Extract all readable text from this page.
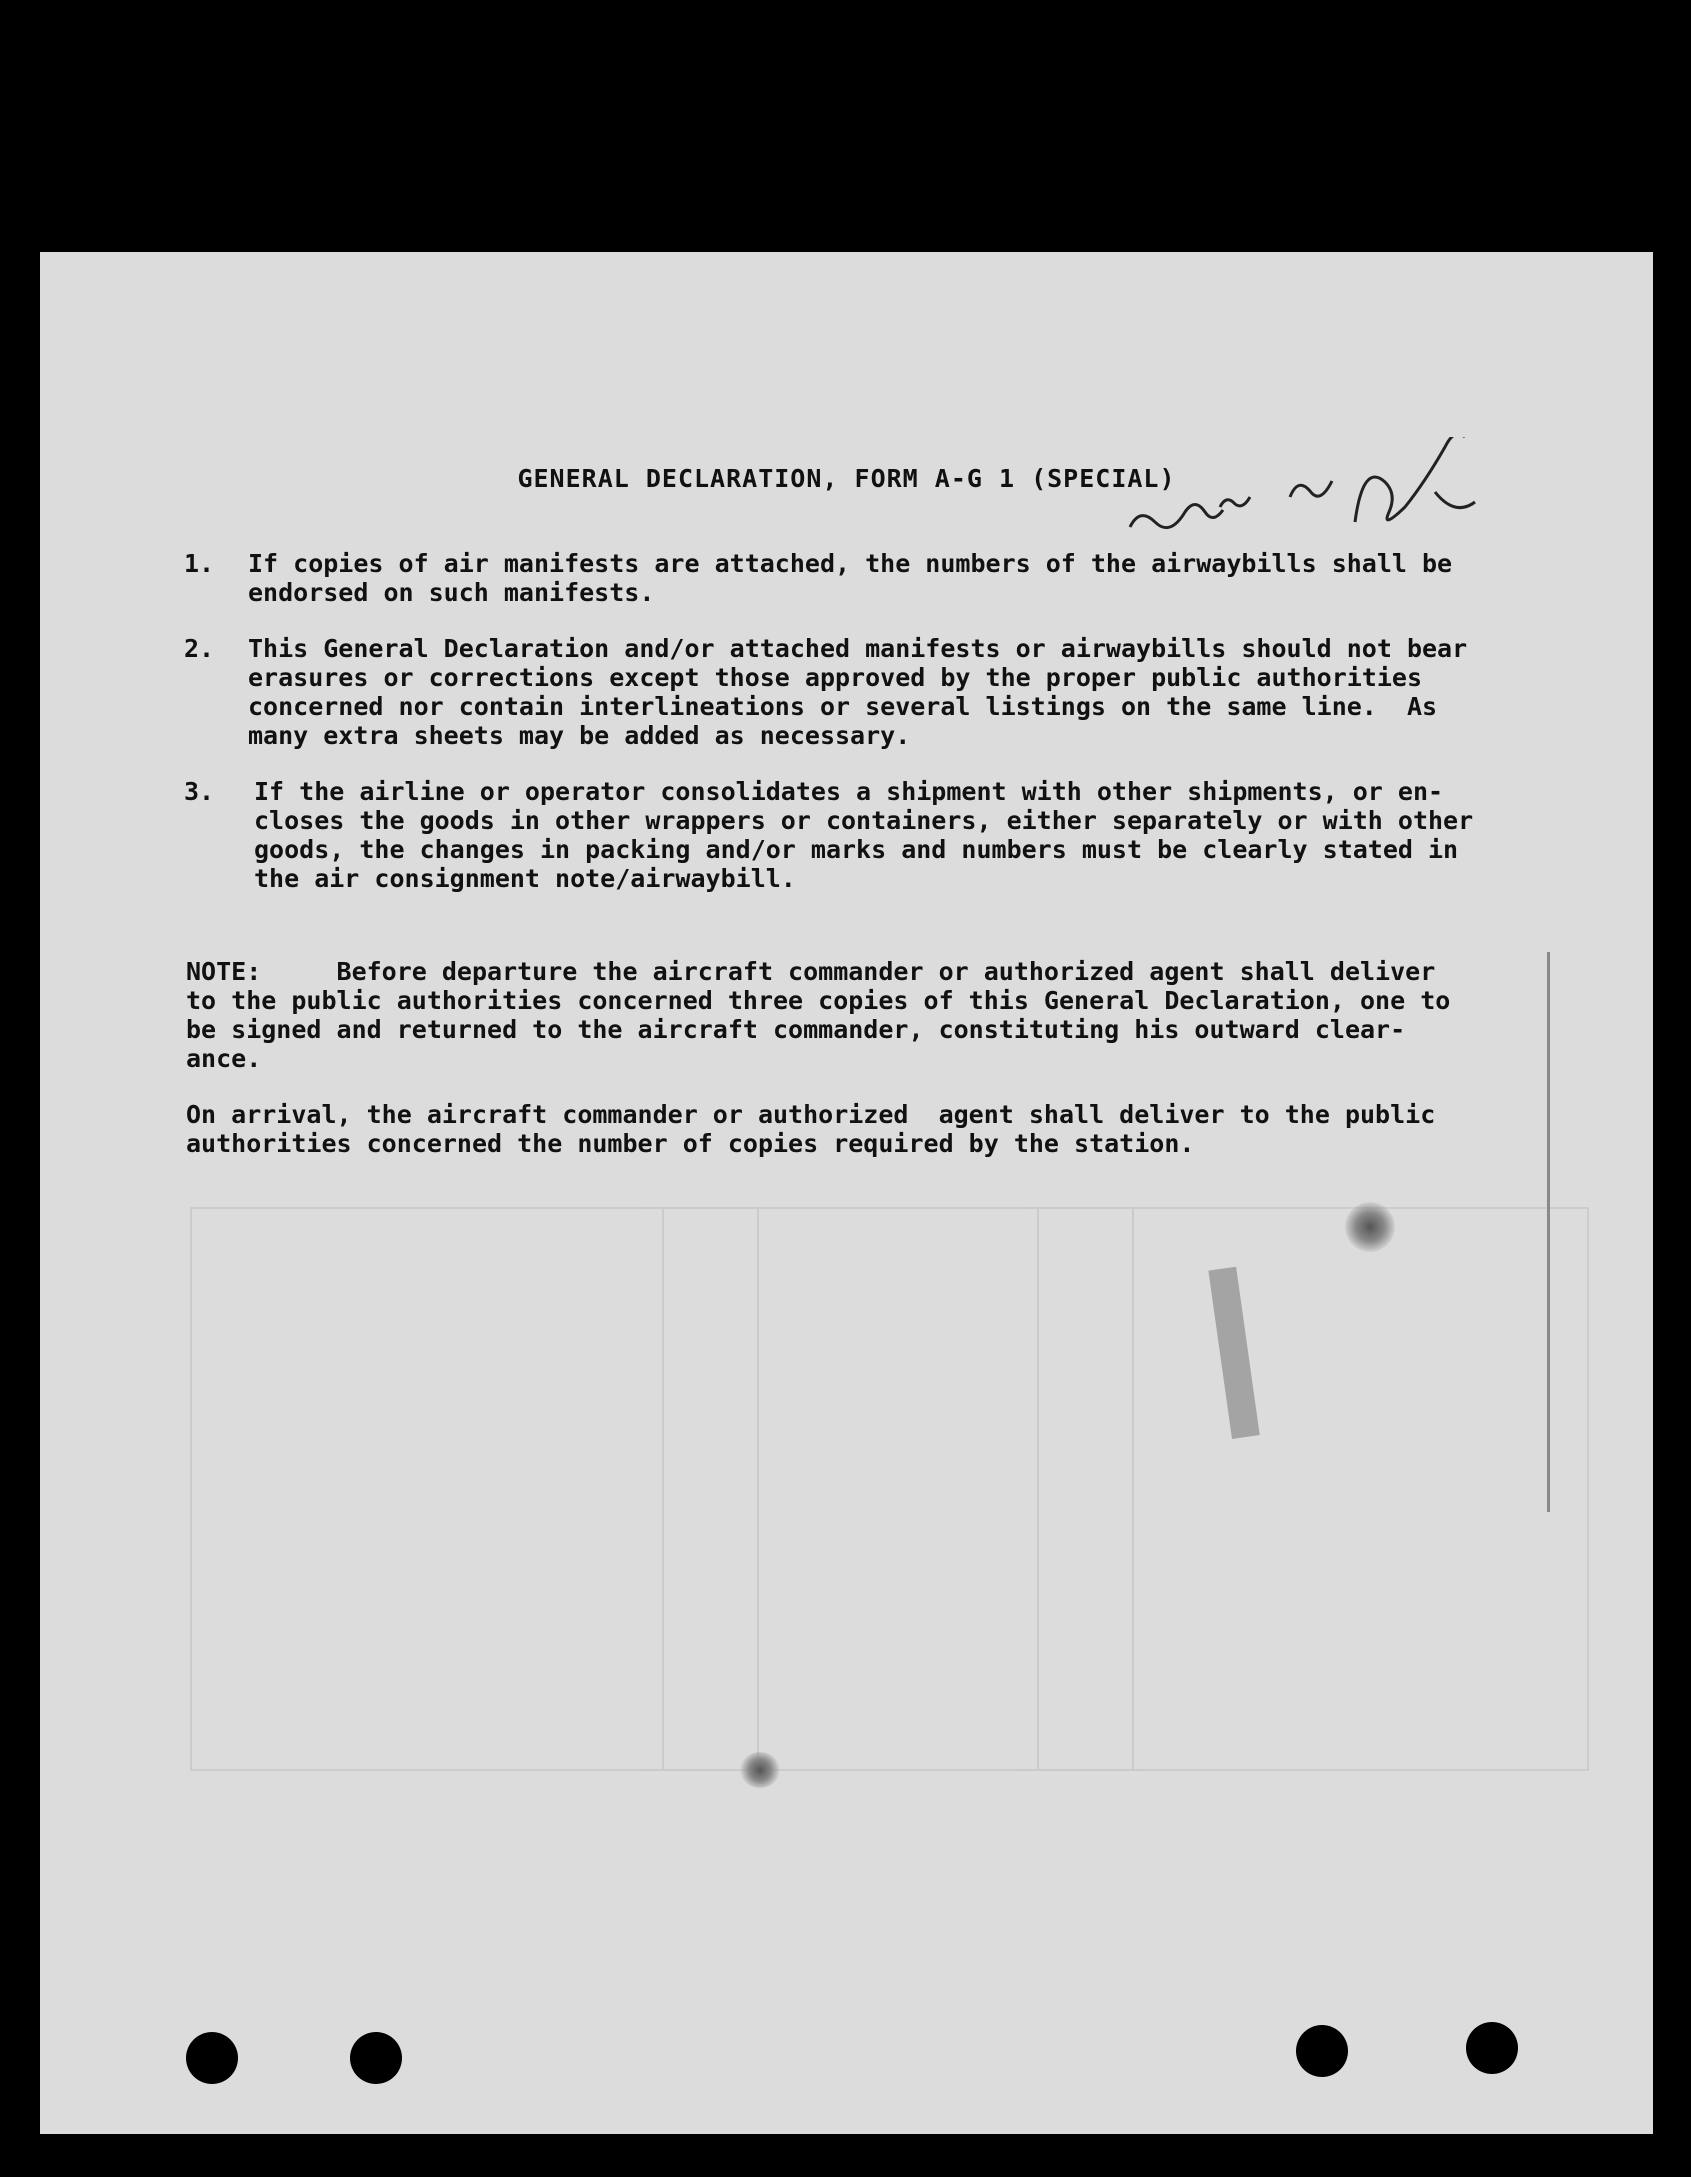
GENERAL DECLARATION, FORM A-G 1 (SPECIAL)
1. If copies of air manifests are attached, the numbers of the airwaybills shall be
endorsed on such manifests.
2. This General Declaration and/or attached manifests or airwaybills should not bear
erasures or corrections except those approved by the proper public authorities
concerned nor contain interlineations or several listings on the same line.  As
many extra sheets may be added as necessary.
3. If the airline or operator consolidates a shipment with other shipments, or en-
closes the goods in other wrappers or containers, either separately or with other
goods, the changes in packing and/or marks and numbers must be clearly stated in
the air consignment note/airwaybill.
NOTE:     Before departure the aircraft commander or authorized agent shall deliver
to the public authorities concerned three copies of this General Declaration, one to
be signed and returned to the aircraft commander, constituting his outward clear-
ance.
On arrival, the aircraft commander or authorized  agent shall deliver to the public
authorities concerned the number of copies required by the station.
